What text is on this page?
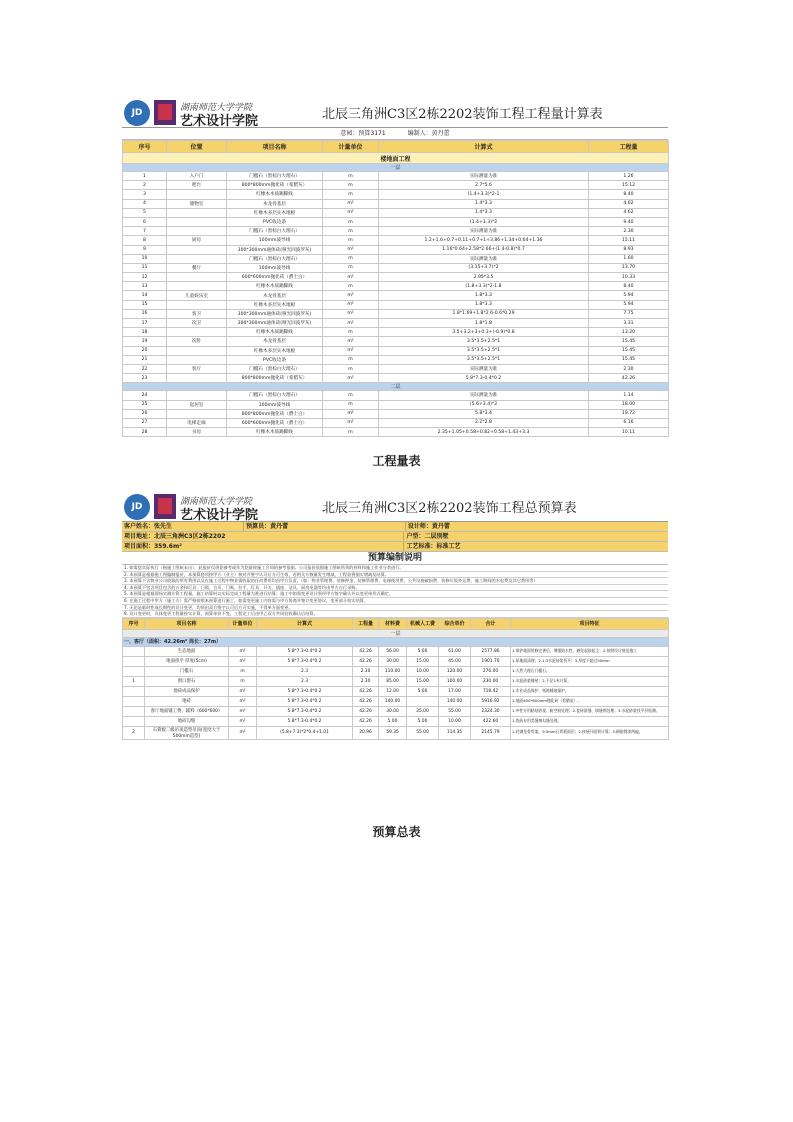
JD	湖南师范大学学院
艺术设计学院	北辰三角洲C3区2栋2202装饰工程工程量计算表
意园：预算3171	编制人：黄丹蕾
序号	位置	项目名称	计量单位	计算式	工程量
楼地面工程					
一层					
1	入户门	门槛石（黑棕白大理石）	m	实际测量为准	1.26
2	吧台	800*800mm抛化砖（希腊灰）	m	2.7*5.6	15.12
3		红橡木木质踢脚线	m	(1.4+3.3)*2-1	8.40
4	储物室	木龙骨基层	m²	1.4*3.3	4.62
5		红橡木多层实木地板	m²	1.4*3.3	4.62
6		PVC收边条	m	(1.4+3.3)*2	9.40
7		门槛石（黑棕白大理石）	m	实际测量为准	2.30
8	厨房	100mm波导线	m	1.2+1.6+0.7+0.11+0.7+1+3.86+1.34+0.64+1.36	15.11
9		300*300mm通体砖(哑光回波罗灰)	m²	1.16*0.64+2.58*2.66+(1.4-0.8)*0.7	8.93
10		门槛石（黑棕白大理石）	m	实际测量为准	1.60
11	餐厅	100mm波导线	m	(3.15+3.7)*2	13.70
12		600*600mm抛化砖（爵士白）	m²	2.95*3.5	10.33
13		红橡木木质踢脚线	m	(1.8+3.3)*2-1.8	8.40
14	儿童娱乐室	木龙骨基层	m²	1.8*3.3	5.94
15		红橡木多层实木地板	m²	1.8*3.3	5.94
16	客卫	300*300mm通体砖(哑光回波罗灰)	m²	1.8*1.69+1.8*2.6-0.6*0.29	7.75
17	次卫	300*300mm通体砖(哑光回波罗灰)	m²	1.8*1.8	3.31
18		红橡木木质踢脚线	m	3.5+3.2+3+0.3+(-0.9)*0.8	13.20
19	次卧	木龙骨基层	m²	3.5*3.5+2.5*1	15.45
20		红橡木多层实木地板	m²	3.5*3.5+2.5*1	15.45
21		PVC收边条	m	3.5*3.5+2.5*1	15.45
22	客厅	门槛石（黑棕白大理石）	m	实际测量为准	2.30
23		800*800mm抛化砖（希腊灰）	m²	5.8*7.3-0.4*0.2	42.26
二层					
24		门槛石（黑棕白大理石）	m	实际测量为准	1.14
25	起居室	100mm波导线	m	(5.6+3.4)*2	18.00
26		800*800mm抛化砖（爵士白）	m²	5.8*3.4	19.72
27	电梯走廊	600*600mm抛化砖（爵士白）	m²	2.2*2.8	6.16
28	书房	红橡木木质踢脚线	m	2.35+1.05+0.58+0.82+0.58+1.43+3.3	10.11
工程量表
JD	湖南师范大学学院
艺术设计学院	北辰三角洲C3区2栋2202装饰工程总预算表
客户姓名：张先生	预算员：黄丹蕾	设计师：黄丹蕾
项目地址：北辰三角洲C3区2栋2202	户型：二层别墅
项目面积：359.6m²	工艺标准：标准工艺
预算编制说明
1. 如需您实际执行（指施工图纸未出），此报价仅供您参考或作为您最终施工合同的参考依据。公司报价依据施工图纸所列的材料和施工作业分类进行。
2. 本预算是根据施工图编制报价，本预算套项按甲方（业主）核对并签字认可后方可生效，若相关方数量发生增减，工程款将据实增减及结算。
3. 本预算不含物业公司收取的所有费用以及在施工过程中物业需收取的任何费用均由甲方负责。（如：物业管理费、装修押金、装修管理费、电梯使用费、公共设施破损费、装修垃圾外运费、施工期间的水电费及其它费用等）
4. 本预算不包含项目包含的五金和灯具：门锁、合页、门吸、拉手、灯具、开关、插座、洁具、厨房电器等均由甲方自行采购。
5. 本预算是根据现场实测计算工程量，施工结算时以实际完成工程量为准进行结算；施工中如需变更设计须经甲方签字确认并以变更单形式确定。
6. 在施工过程中甲方（施工方）需严格按照本预算进行施工，如需变更施工内容需与甲方协商并签订变更协议，变更部分按实结算。
7. 无论是临时性或长期性的设计变更，均须由双方签字认可后方可实施，不得单方面变更。
8. 设计变更时，具体变更工程量按实计算，预算单价不变，工程完工后由甲乙双方共同验收确认后结算。
序号	项目名称	计量单位	计算式	工程量	材料费	机械人工费	综合单价	合计	项目特征
一层									
一、客厅（面积：42.26m² 周长：27m）									
	生态地面	m²	5.8*7.3-0.4*0.2	42.26	56.00	5.00	61.00	2577.86	1.保护地面装修完善后，增强防水性，避免起砂起尘；2.按照设计规范施工
	地面找平 厚度(5cm)	m²	5.8*7.3-0.4*0.2	42.26	30.00	15.00	45.00	1901.70	1.原地面清理；2.1:3水泥砂浆找平；3.厚度不超过50mm
	门槛石	m	2.3	2.30	110.00	10.00	120.00	276.00	1.天然大理石门槛石。
1	窗口窗石	m	2.3	2.30	85.00	15.00	100.00	230.00	1.水泥砂浆铺贴；2.不足1米计算。
	地砖成品保护	m²	5.8*7.3-0.4*0.2	42.26	12.00	5.00	17.00	718.42	1.专业成品保护，纸箱铺地保护。
	地砖	m²	5.8*7.3-0.4*0.2	42.26	140.00		140.00	5916.92	1.地面600*600mm抛化砖（希腊灰）。
	客厅地面铺工费、辅料（600*600）	m²	5.8*7.3-0.4*0.2	42.26	30.00	25.00	55.00	2324.30	1.中性专用粘结砂浆、防空鼓处理；2.瓷砖留缝、填缝剂处理；3.水泥砂浆找平层检测。
	地砖勾缝	m²	5.8*7.3-0.4*0.2	42.26	5.00	5.00	10.00	422.60	1.瓷砖专用美缝剂勾缝处理。
2	石膏板二级吊顶造型吊顶(宽度大于500mm造型)	m²	(5.8+7.3)*2*0.4+1.01	20.96	59.35	55.00	114.35	2145.79	1.轻钢龙骨骨架，9.5mm石膏板面层；2.按展开面积计算；3.刷防锈漆两遍。
预算总表
